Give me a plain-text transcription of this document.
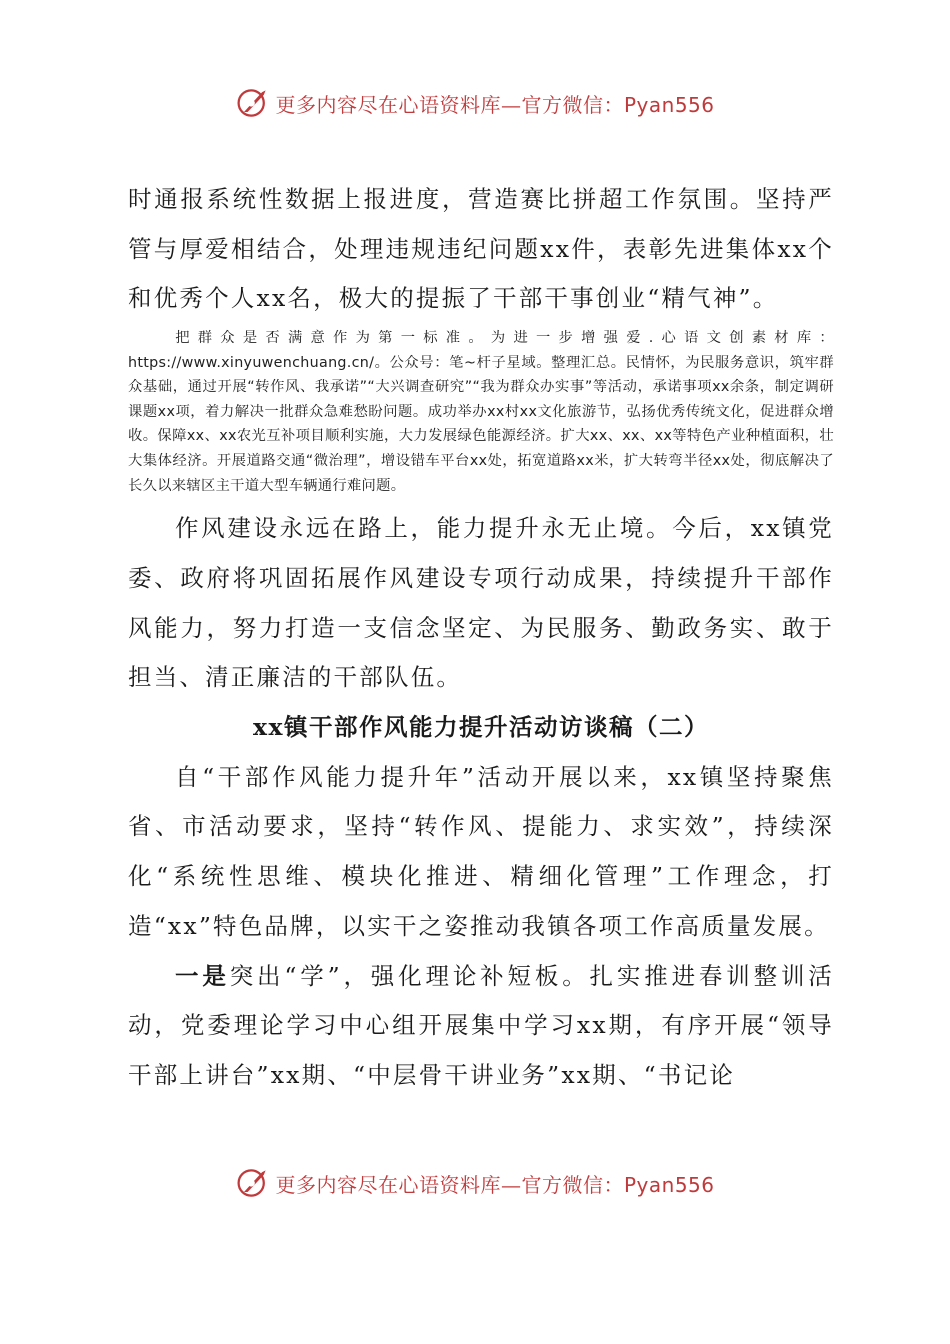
更多内容尽在心语资料库—官方微信：Pyan556

时通报系统性数据上报进度，营造赛比拼超工作氛围。坚持严管与厚爱相结合，处理违规违纪问题xx件，表彰先进集体xx个和优秀个人xx名，极大的提振了干部干事创业“精气神”。

把群众是否满意作为第一标准。为进一步增强爱.心语文创素材库：https://www.xinyuwenchuang.cn/。公众号：笔~杆子星域。整理汇总。民情怀，为民服务意识，筑牢群众基础，通过开展“转作风、我承诺”“大兴调查研究”“我为群众办实事”等活动，承诺事项xx余条，制定调研课题xx项，着力解决一批群众急难愁盼问题。成功举办xx村xx文化旅游节，弘扬优秀传统文化，促进群众增收。保障xx、xx农光互补项目顺利实施，大力发展绿色能源经济。扩大xx、xx、xx等特色产业种植面积，壮大集体经济。开展道路交通“微治理”，增设错车平台xx处，拓宽道路xx米，扩大转弯半径xx处，彻底解决了长久以来辖区主干道大型车辆通行难问题。

作风建设永远在路上，能力提升永无止境。今后，xx镇党委、政府将巩固拓展作风建设专项行动成果，持续提升干部作风能力，努力打造一支信念坚定、为民服务、勤政务实、敢于担当、清正廉洁的干部队伍。

xx镇干部作风能力提升活动访谈稿（二）

自“干部作风能力提升年”活动开展以来，xx镇坚持聚焦省、市活动要求，坚持“转作风、提能力、求实效”，持续深化“系统性思维、模块化推进、精细化管理”工作理念，打造“xx”特色品牌，以实干之姿推动我镇各项工作高质量发展。

一是突出“学”，强化理论补短板。扎实推进春训整训活动，党委理论学习中心组开展集中学习xx期，有序开展“领导干部上讲台”xx期、“中层骨干讲业务”xx期、“书记论

更多内容尽在心语资料库—官方微信：Pyan556
